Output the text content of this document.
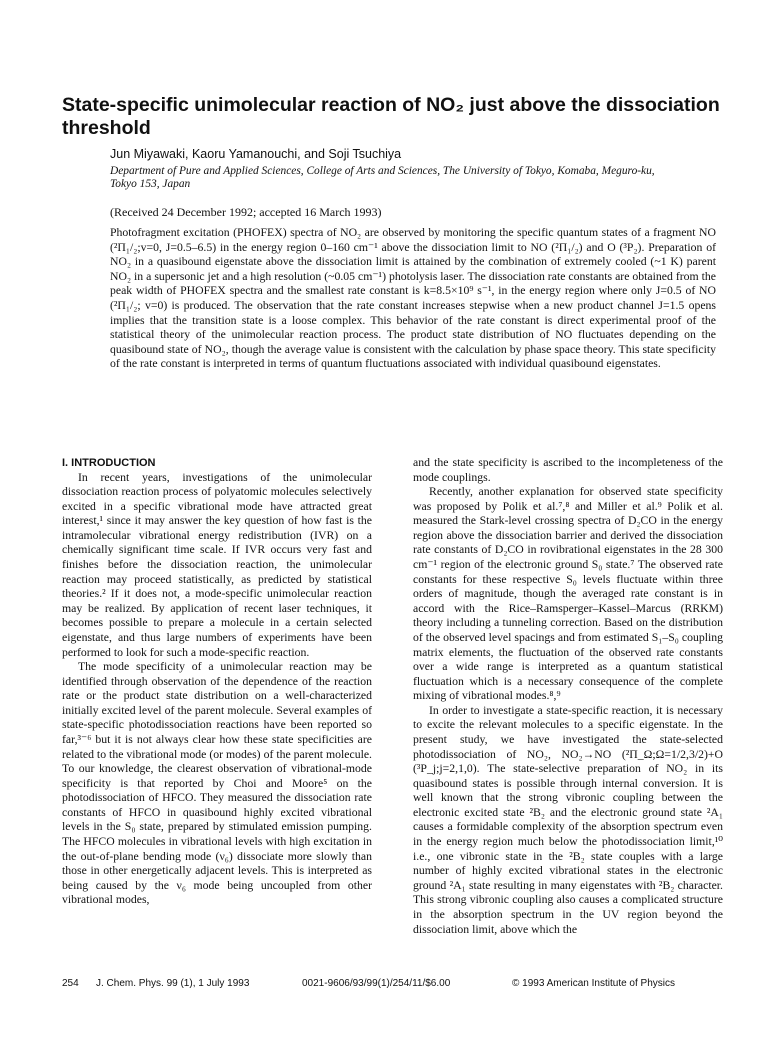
State-specific unimolecular reaction of NO₂ just above the dissociation threshold

Jun Miyawaki, Kaoru Yamanouchi, and Soji Tsuchiya

Department of Pure and Applied Sciences, College of Arts and Sciences, The University of Tokyo, Komaba, Meguro-ku, Tokyo 153, Japan

(Received 24 December 1992; accepted 16 March 1993)

Photofragment excitation (PHOFEX) spectra of NO₂ are observed by monitoring the specific quantum states of a fragment NO (²Π₁/₂;v=0, J=0.5–6.5) in the energy region 0–160 cm⁻¹ above the dissociation limit to NO (²Π₁/₂) and O (³P₂). Preparation of NO₂ in a quasibound eigenstate above the dissociation limit is attained by the combination of extremely cooled (~1 K) parent NO₂ in a supersonic jet and a high resolution (~0.05 cm⁻¹) photolysis laser. The dissociation rate constants are obtained from the peak width of PHOFEX spectra and the smallest rate constant is k=8.5×10⁹ s⁻¹, in the energy region where only J=0.5 of NO (²Π₁/₂; v=0) is produced. The observation that the rate constant increases stepwise when a new product channel J=1.5 opens implies that the transition state is a loose complex. This behavior of the rate constant is direct experimental proof of the statistical theory of the unimolecular reaction process. The product state distribution of NO fluctuates depending on the quasibound state of NO₂, though the average value is consistent with the calculation by phase space theory. This state specificity of the rate constant is interpreted in terms of quantum fluctuations associated with individual quasibound eigenstates.

I. INTRODUCTION

In recent years, investigations of the unimolecular dissociation reaction process of polyatomic molecules selectively excited in a specific vibrational mode have attracted great interest,¹ since it may answer the key question of how fast is the intramolecular vibrational energy redistribution (IVR) on a chemically significant time scale. If IVR occurs very fast and finishes before the dissociation reaction, the unimolecular reaction may proceed statistically, as predicted by statistical theories.² If it does not, a mode-specific unimolecular reaction may be realized. By application of recent laser techniques, it becomes possible to prepare a molecule in a certain selected eigenstate, and thus large numbers of experiments have been performed to look for such a mode-specific reaction.

The mode specificity of a unimolecular reaction may be identified through observation of the dependence of the reaction rate or the product state distribution on a well-characterized initially excited level of the parent molecule. Several examples of state-specific photodissociation reactions have been reported so far,³⁻⁶ but it is not always clear how these state specificities are related to the vibrational mode (or modes) of the parent molecule. To our knowledge, the clearest observation of vibrational-mode specificity is that reported by Choi and Moore⁵ on the photodissociation of HFCO. They measured the dissociation rate constants of HFCO in quasibound highly excited vibrational levels in the S₀ state, prepared by stimulated emission pumping. The HFCO molecules in vibrational levels with high excitation in the out-of-plane bending mode (ν₆) dissociate more slowly than those in other energetically adjacent levels. This is interpreted as being caused by the ν₆ mode being uncoupled from other vibrational modes,

and the state specificity is ascribed to the incompleteness of the mode couplings.

Recently, another explanation for observed state specificity was proposed by Polik et al.⁷,⁸ and Miller et al.⁹ Polik et al. measured the Stark-level crossing spectra of D₂CO in the energy region above the dissociation barrier and derived the dissociation rate constants of D₂CO in rovibrational eigenstates in the 28 300 cm⁻¹ region of the electronic ground S₀ state.⁷ The observed rate constants for these respective S₀ levels fluctuate within three orders of magnitude, though the averaged rate constant is in accord with the Rice–Ramsperger–Kassel–Marcus (RRKM) theory including a tunneling correction. Based on the distribution of the observed level spacings and from estimated S₁–S₀ coupling matrix elements, the fluctuation of the observed rate constants over a wide range is interpreted as a quantum statistical fluctuation which is a necessary consequence of the complete mixing of vibrational modes.⁸,⁹

In order to investigate a state-specific reaction, it is necessary to excite the relevant molecules to a specific eigenstate. In the present study, we have investigated the state-selected photodissociation of NO₂, NO₂→NO (²Π_Ω;Ω=1/2,3/2)+O (³P_j;j=2,1,0). The state-selective preparation of NO₂ in its quasibound states is possible through internal conversion. It is well known that the strong vibronic coupling between the electronic excited state ²B₂ and the electronic ground state ²A₁ causes a formidable complexity of the absorption spectrum even in the energy region much below the photodissociation limit,¹⁰ i.e., one vibronic state in the ²B₂ state couples with a large number of highly excited vibrational states in the electronic ground ²A₁ state resulting in many eigenstates with ²B₂ character. This strong vibronic coupling also causes a complicated structure in the absorption spectrum in the UV region beyond the dissociation limit, above which the

254 J. Chem. Phys. 99 (1), 1 July 1993	0021-9606/93/99(1)/254/11/$6.00	© 1993 American Institute of Physics
